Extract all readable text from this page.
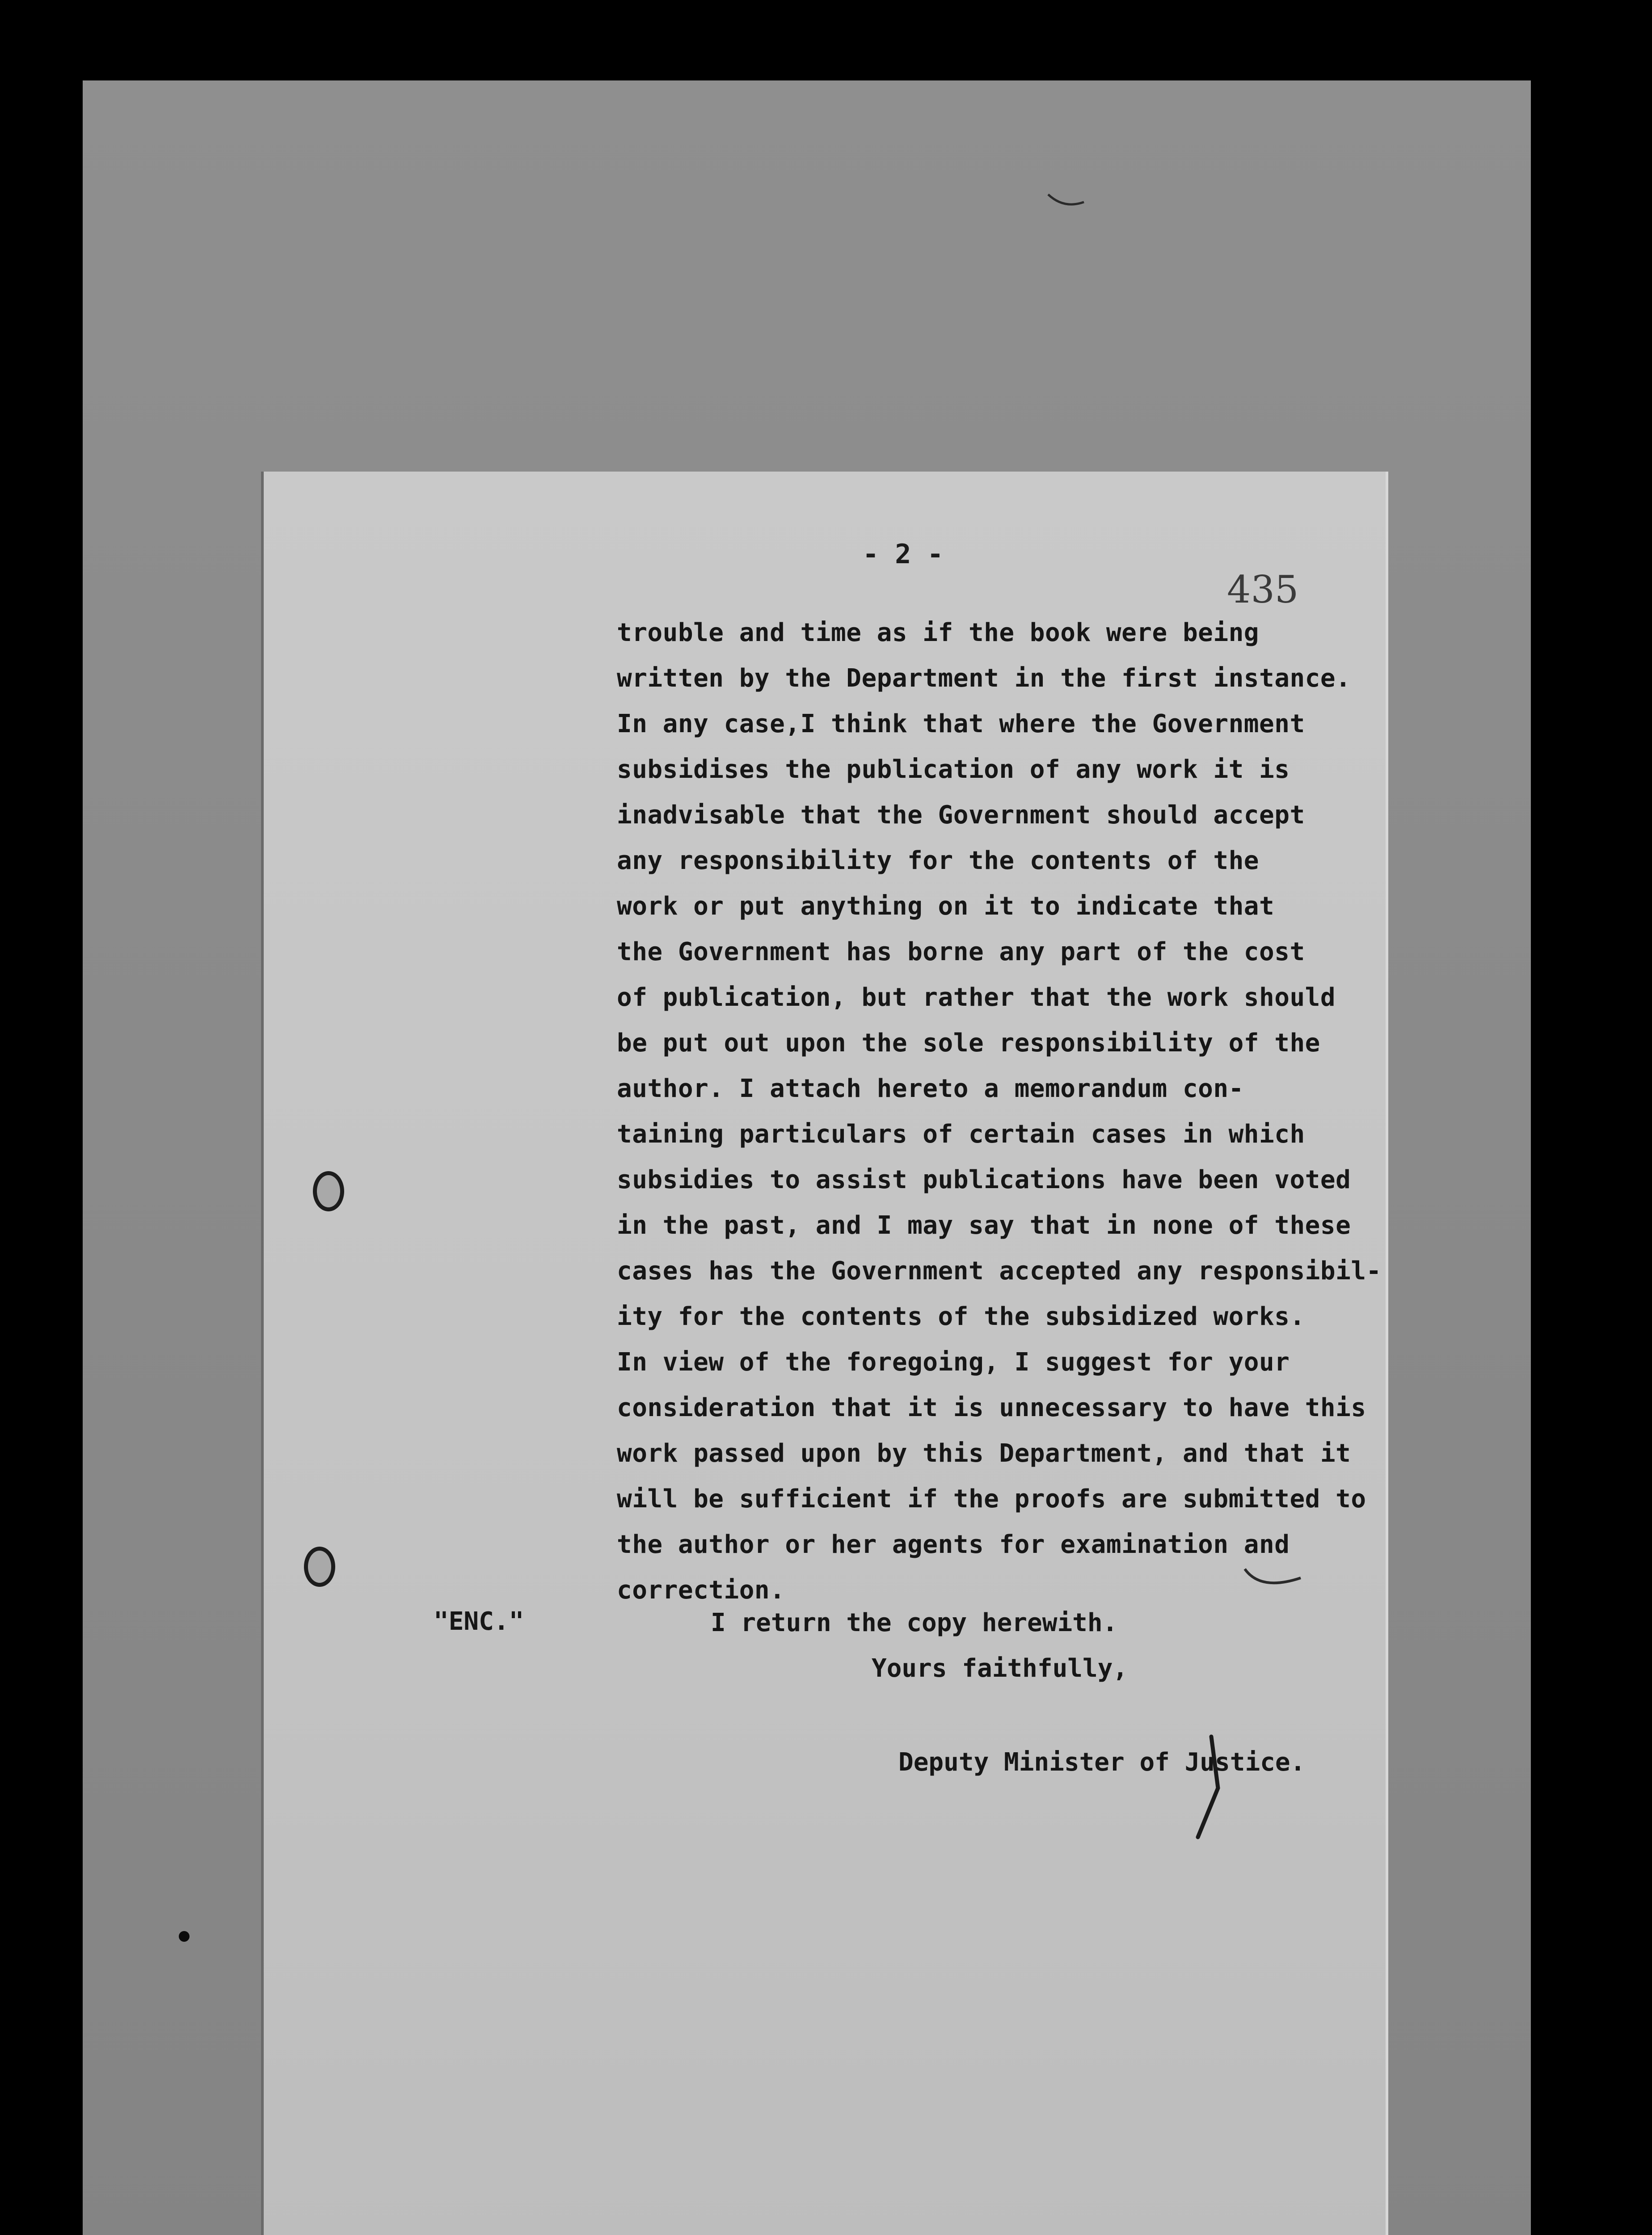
- 2 -
435
trouble and time as if the book were being
written by the Department in the first instance.
In any case,I think that where the Government
subsidises the publication of any work it is
inadvisable that the Government should accept
any responsibility for the contents of the
work or put anything on it to indicate that
the Government has borne any part of the cost
of publication, but rather that the work should
be put out upon the sole responsibility of the
author. I attach hereto a memorandum con-
taining particulars of certain cases in which
subsidies to assist publications have been voted
in the past, and I may say that in none of these
cases has the Government accepted any responsibil-
ity for the contents of the subsidized works.
In view of the foregoing, I suggest for your
consideration that it is unnecessary to have this
work passed upon by this Department, and that it
will be sufficient if the proofs are submitted to
the author or her agents for examination and
correction.
"ENC."	I return the copy herewith.
Yours faithfully,
Deputy Minister of Justice.
